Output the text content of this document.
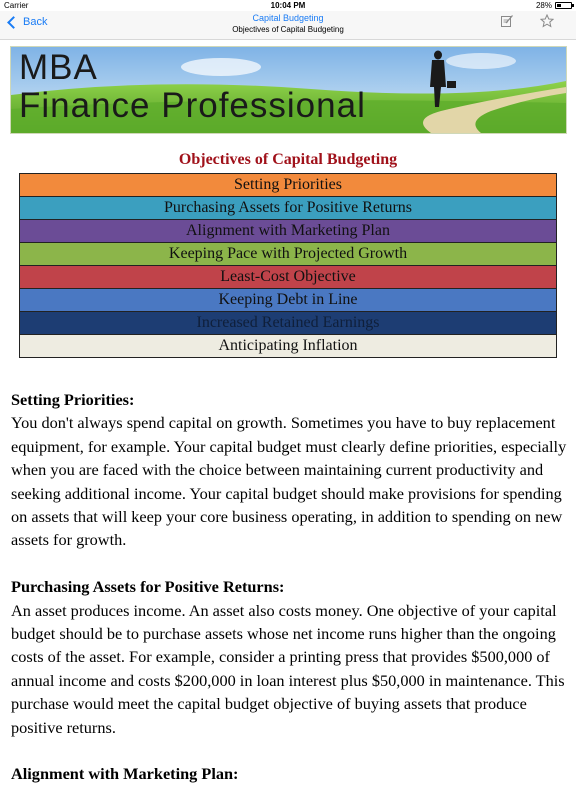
Carrier	10:04 PM	28%
Back	Capital Budgeting
Objectives of Capital Budgeting
MBA
Finance Professional
Objectives of Capital Budgeting
Setting Priorities
Purchasing Assets for Positive Returns
Alignment with Marketing Plan
Keeping Pace with Projected Growth
Least-Cost Objective
Keeping Debt in Line
Increased Retained Earnings
Anticipating Inflation
Setting Priorities:

You don't always spend capital on growth. Sometimes you have to buy replacement equipment, for example. Your capital budget must clearly define priorities, especially when you are faced with the choice between maintaining current productivity and seeking additional income. Your capital budget should make provisions for spending on assets that will keep your core business operating, in addition to spending on new assets for growth.

Purchasing Assets for Positive Returns:

An asset produces income. An asset also costs money. One objective of your capital budget should be to purchase assets whose net income runs higher than the ongoing costs of the asset. For example, consider a printing press that provides $500,000 of annual income and costs $200,000 in loan interest plus $50,000 in maintenance. This purchase would meet the capital budget objective of buying assets that produce positive returns.

Alignment with Marketing Plan:
